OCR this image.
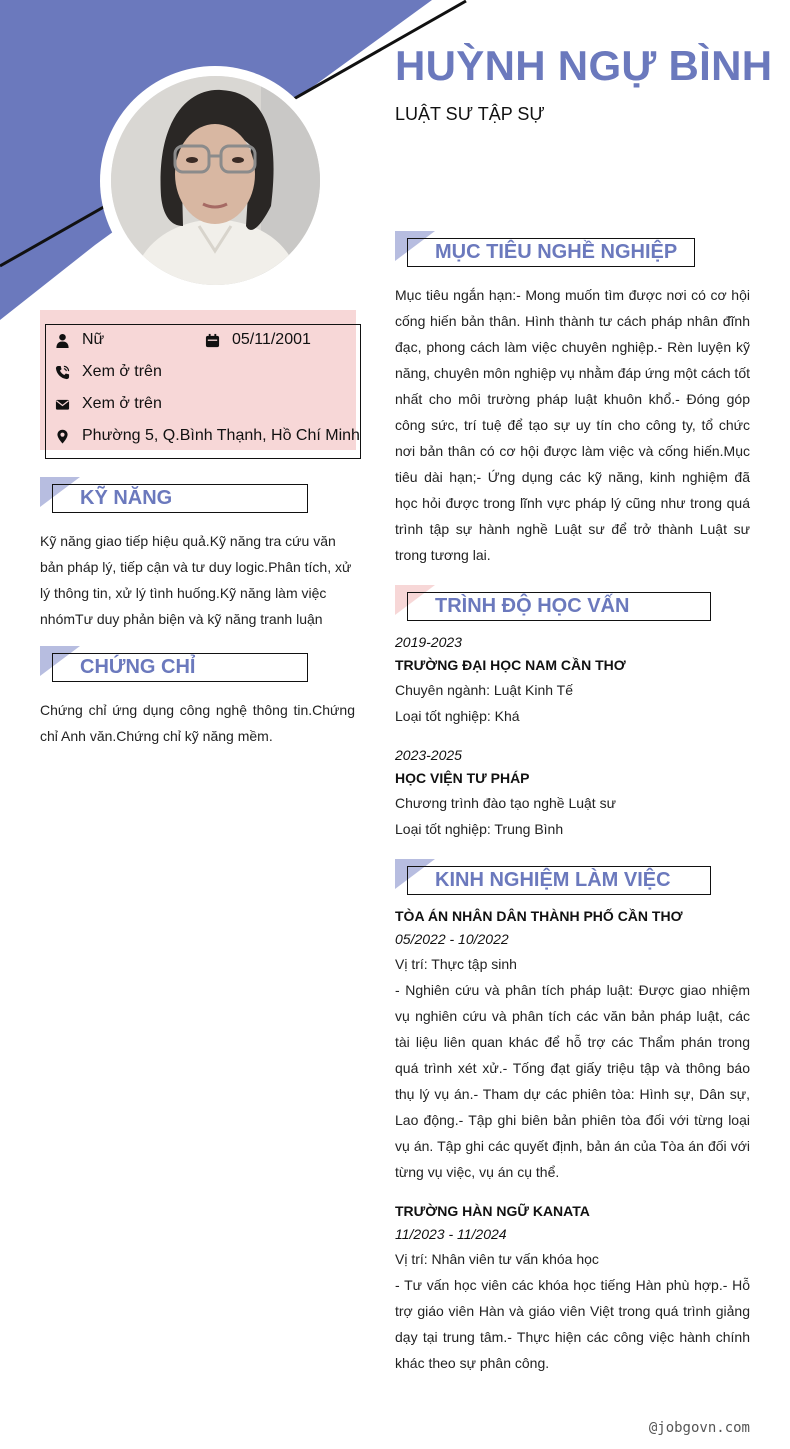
HUỲNH NGỰ BÌNH
LUẬT SƯ TẬP SỰ
Nữ	05/11/2001
Xem ở trên
Xem ở trên
Phường 5, Q.Bình Thạnh, Hồ Chí Minh
KỸ NĂNG
Kỹ năng giao tiếp hiệu quả.Kỹ năng tra cứu văn
bản pháp lý, tiếp cận và tư duy logic.Phân tích, xử
lý thông tin, xử lý tình huống.Kỹ năng làm việc
nhómTư duy phản biện và kỹ năng tranh luận
CHỨNG CHỈ
Chứng chỉ ứng dụng công nghệ thông tin.Chứng chỉ Anh văn.Chứng chỉ kỹ năng mềm.
MỤC TIÊU NGHỀ NGHIỆP
Mục tiêu ngắn hạn:- Mong muốn tìm được nơi có cơ hội cống hiến bản thân. Hình thành tư cách pháp nhân đĩnh đạc, phong cách làm việc chuyên nghiệp.- Rèn luyện kỹ năng, chuyên môn nghiệp vụ nhằm đáp ứng một cách tốt nhất cho môi trường pháp luật khuôn khổ.- Đóng góp công sức, trí tuệ để tạo sự uy tín cho công ty, tổ chức nơi bản thân có cơ hội được làm việc và cống hiến.Mục tiêu dài hạn;- Ứng dụng các kỹ năng, kinh nghiệm đã học hỏi được trong lĩnh vực pháp lý cũng như trong quá trình tập sự hành nghề Luật sư để trở thành Luật sư trong tương lai.
TRÌNH ĐỘ HỌC VẤN
2019-2023
TRƯỜNG ĐẠI HỌC NAM CẦN THƠ
Chuyên ngành: Luật Kinh Tế
Loại tốt nghiệp: Khá
2023-2025
HỌC VIỆN TƯ PHÁP
Chương trình đào tạo nghề Luật sư
Loại tốt nghiệp: Trung Bình
KINH NGHIỆM LÀM VIỆC
TÒA ÁN NHÂN DÂN THÀNH PHỐ CẦN THƠ
05/2022 - 10/2022
Vị trí: Thực tập sinh
- Nghiên cứu và phân tích pháp luật: Được giao nhiệm vụ nghiên cứu và phân tích các văn bản pháp luật, các tài liệu liên quan khác để hỗ trợ các Thẩm phán trong quá trình xét xử.- Tống đạt giấy triệu tập và thông báo thụ lý vụ án.- Tham dự các phiên tòa: Hình sự, Dân sự, Lao động.- Tập ghi biên bản phiên tòa đối với từng loại vụ án. Tập ghi các quyết định, bản án của Tòa án đối với từng vụ việc, vụ án cụ thể.
TRƯỜNG HÀN NGỮ KANATA
11/2023 - 11/2024
Vị trí: Nhân viên tư vấn khóa học
- Tư vấn học viên các khóa học tiếng Hàn phù hợp.- Hỗ trợ giáo viên Hàn và giáo viên Việt trong quá trình giảng dạy tại trung tâm.- Thực hiện các công việc hành chính khác theo sự phân công.
@jobgovn.com
